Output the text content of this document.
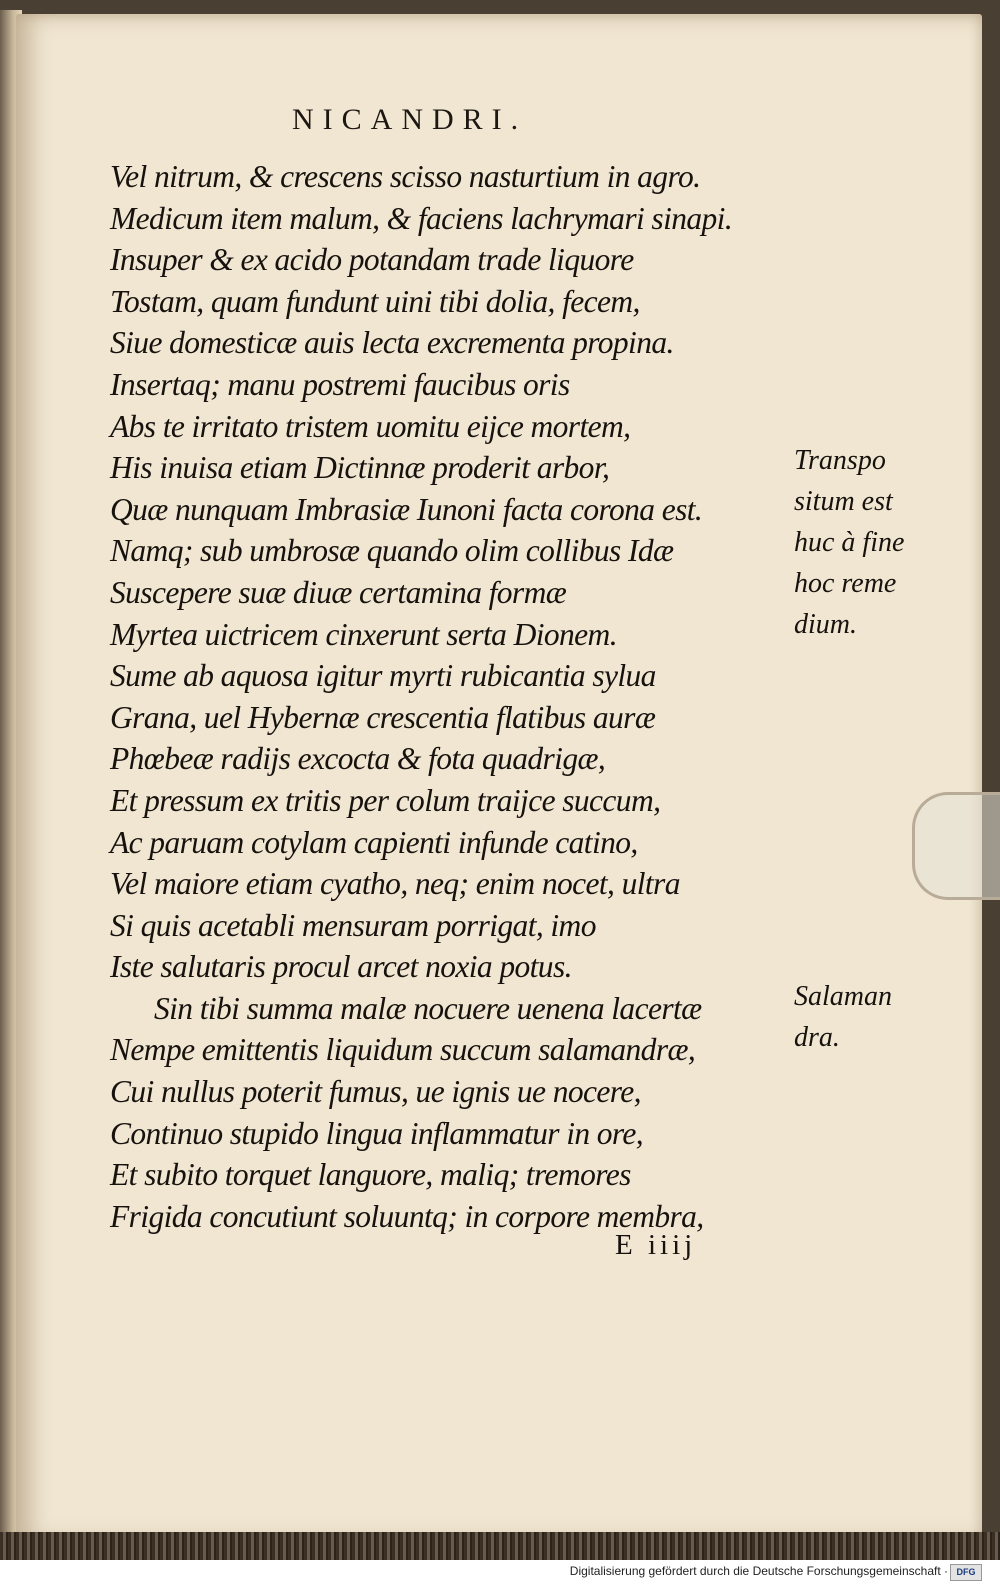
NICANDRI.
Vel nitrum, & crescens scisso nasturtium in agro.
Medicum item malum, & faciens lachrymari sinapi.
Insuper & ex acido potandam trade liquore
Tostam, quam fundunt uini tibi dolia, fecem,
Siue domesticæ auis lecta excrementa propina.
Insertaq; manu postremi faucibus oris
Abs te irritato tristem uomitu eijce mortem,
His inuisa etiam Dictinnæ proderit arbor,
Quæ nunquam Imbrasiæ Iunoni facta corona est.
Namq; sub umbrosæ quando olim collibus Idæ
Suscepere suæ diuæ certamina formæ
Myrtea uictricem cinxerunt serta Dionem.
Sume ab aquosa igitur myrti rubicantia sylua
Grana, uel Hybernæ crescentia flatibus auræ
Phœbeæ radijs excocta & fota quadrigæ,
Et pressum ex tritis per colum traijce succum,
Ac paruam cotylam capienti infunde catino,
Vel maiore etiam cyatho, neq; enim nocet, ultra
Si quis acetabli mensuram porrigat, imo
Iste salutaris procul arcet noxia potus.
Sin tibi summa malæ nocuere uenena lacertæ
Nempe emittentis liquidum succum salamandræ,
Cui nullus poterit fumus, ue ignis ue nocere,
Continuo stupido lingua inflammatur in ore,
Et subito torquet languore, maliq; tremores
Frigida concutiunt soluuntq; in corpore membra,
Transpo
situm est
huc à fine
hoc reme
dium.
Salaman
dra.
E iiij
Digitalisierung gefördert durch die Deutsche Forschungsgemeinschaft · DFG
